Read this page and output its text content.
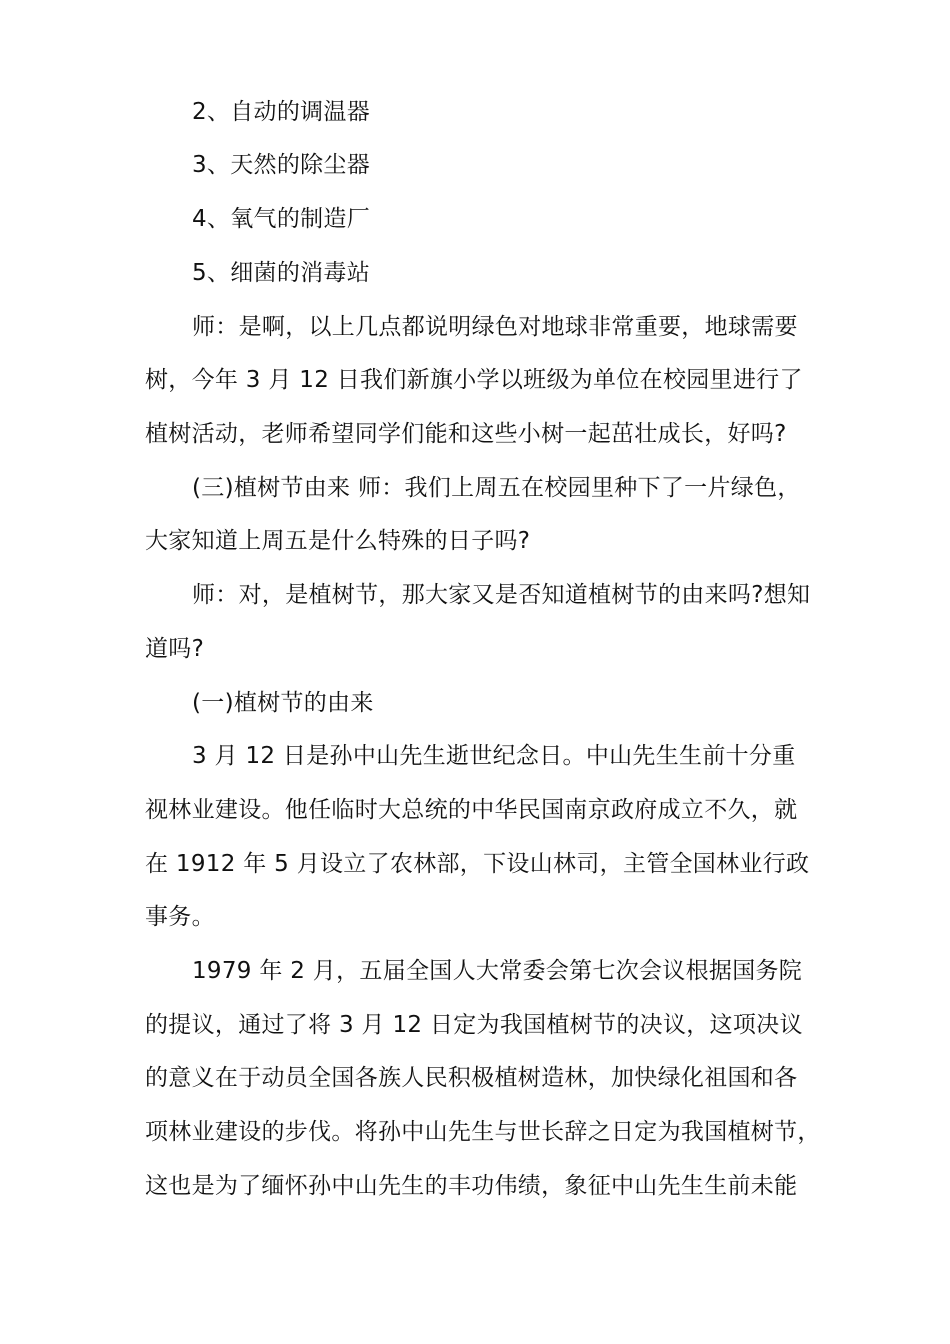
2、自动的调温器
3、天然的除尘器
4、氧气的制造厂
5、细菌的消毒站
师：是啊，以上几点都说明绿色对地球非常重要，地球需要
树，今年 3 月 12 日我们新旗小学以班级为单位在校园里进行了
植树活动，老师希望同学们能和这些小树一起茁壮成长，好吗?
(三)植树节由来 师：我们上周五在校园里种下了一片绿色，
大家知道上周五是什么特殊的日子吗?
师：对，是植树节，那大家又是否知道植树节的由来吗?想知
道吗?
(一)植树节的由来
3 月 12 日是孙中山先生逝世纪念日。中山先生生前十分重
视林业建设。他任临时大总统的中华民国南京政府成立不久，就
在 1912 年 5 月设立了农林部，下设山林司，主管全国林业行政
事务。
1979 年 2 月，五届全国人大常委会第七次会议根据国务院
的提议，通过了将 3 月 12 日定为我国植树节的决议，这项决议
的意义在于动员全国各族人民积极植树造林，加快绿化祖国和各
项林业建设的步伐。将孙中山先生与世长辞之日定为我国植树节，
这也是为了缅怀孙中山先生的丰功伟绩，象征中山先生生前未能
